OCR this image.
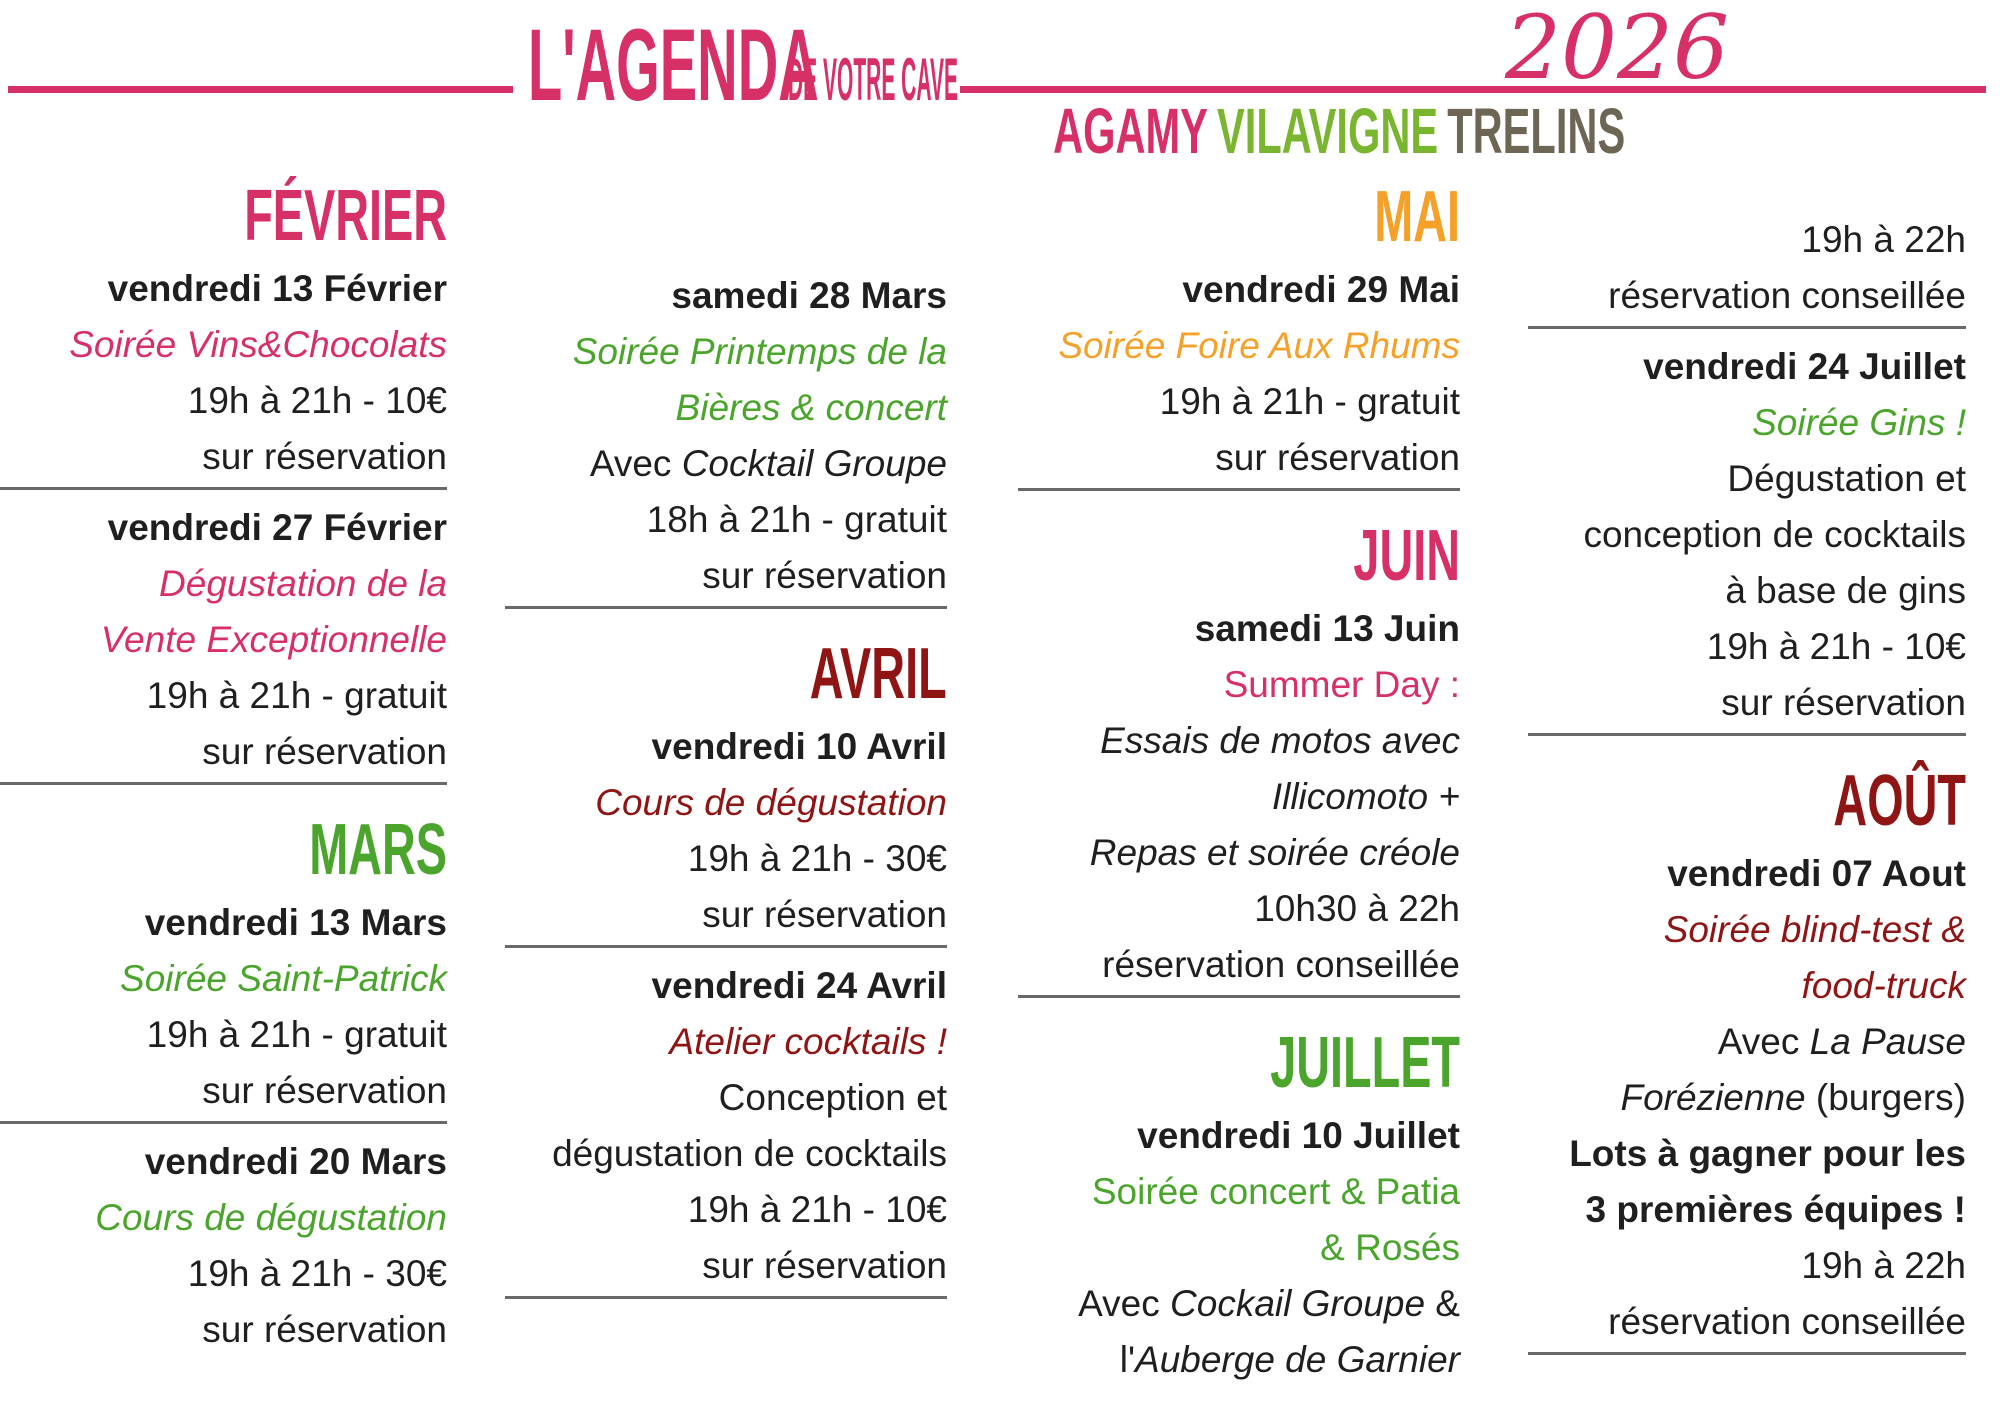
L'AGENDA
DE VOTRE CAVE	2026
AGAMY VILAVIGNE TRELINS
FÉVRIER
vendredi 13 Février
Soirée Vins&Chocolats
19h à 21h - 10€
sur réservation
vendredi 27 Février
Dégustation de la
Vente Exceptionnelle
19h à 21h - gratuit
sur réservation
MARS
vendredi 13 Mars
Soirée Saint-Patrick
19h à 21h - gratuit
sur réservation
vendredi 20 Mars
Cours de dégustation
19h à 21h - 30€
sur réservation
samedi 28 Mars
Soirée Printemps de la
Bières & concert
Avec Cocktail Groupe
18h à 21h - gratuit
sur réservation
AVRIL
vendredi 10 Avril
Cours de dégustation
19h à 21h - 30€
sur réservation
vendredi 24 Avril
Atelier cocktails !
Conception et
dégustation de cocktails
19h à 21h - 10€
sur réservation
MAI
vendredi 29 Mai
Soirée Foire Aux Rhums
19h à 21h - gratuit
sur réservation
JUIN
samedi 13 Juin
Summer Day :
Essais de motos avec
Illicomoto +
Repas et soirée créole
10h30 à 22h
réservation conseillée
JUILLET
vendredi 10 Juillet
Soirée concert & Patia
& Rosés
Avec Cockail Groupe &
l'Auberge de Garnier
19h à 22h
réservation conseillée
vendredi 24 Juillet
Soirée Gins !
Dégustation et
conception de cocktails
à base de gins
19h à 21h - 10€
sur réservation
AOÛT
vendredi 07 Aout
Soirée blind-test &
food-truck
Avec La Pause
Forézienne (burgers)
Lots à gagner pour les
3 premières équipes !
19h à 22h
réservation conseillée
